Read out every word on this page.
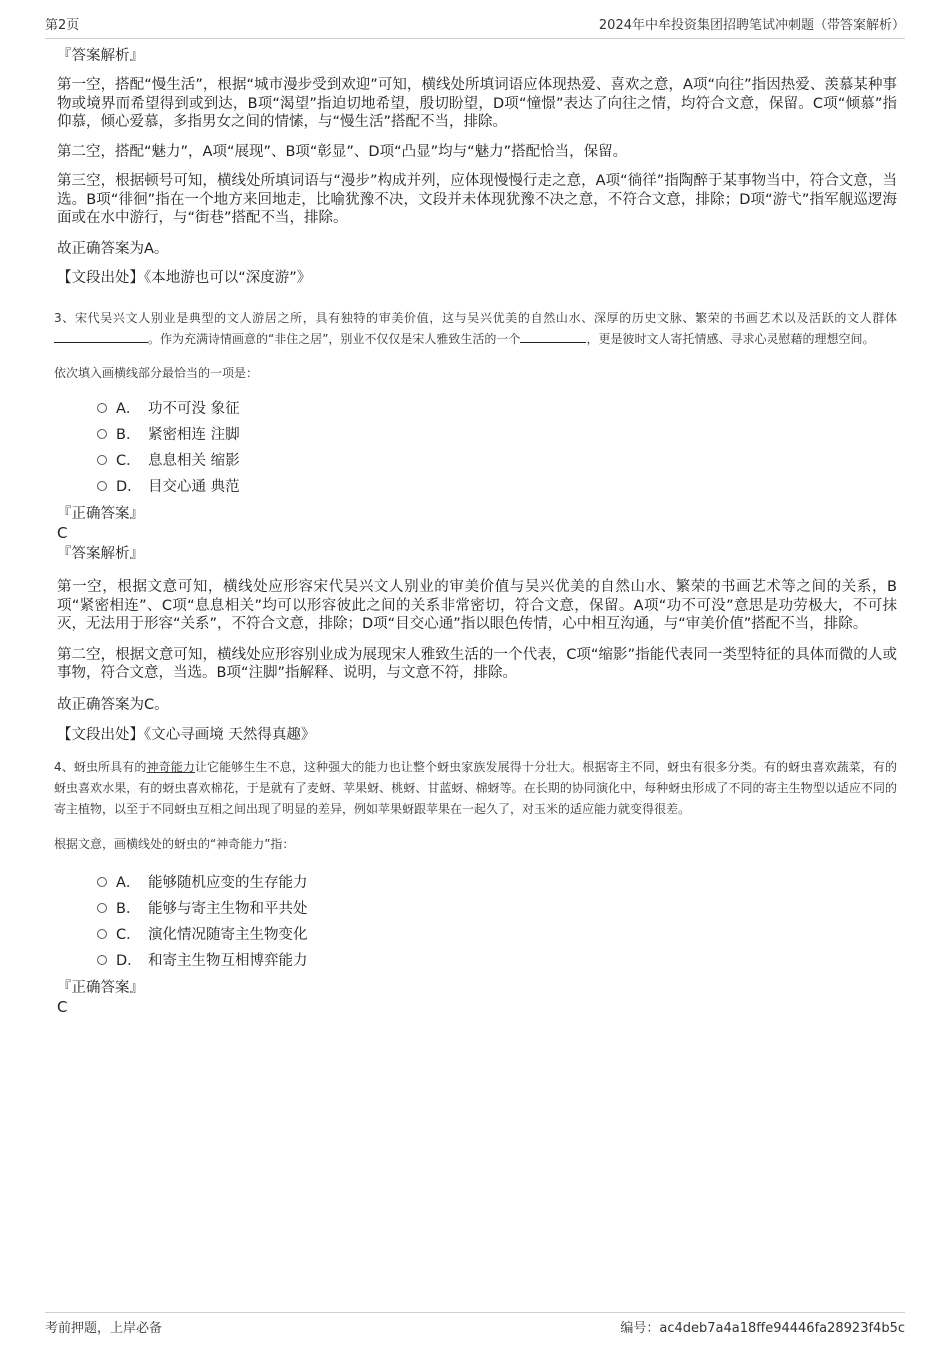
第2页	2024年中牟投资集团招聘笔试冲刺题（带答案解析）
『答案解析』
第一空，搭配“慢生活”，根据“城市漫步受到欢迎”可知，横线处所填词语应体现热爱、喜欢之意，A项“向往”指因热爱、羡慕某种事物或境界而希望得到或到达，B项“渴望”指迫切地希望，殷切盼望，D项“憧憬”表达了向往之情，均符合文意，保留。C项“倾慕”指仰慕，倾心爱慕，多指男女之间的情愫，与“慢生活”搭配不当，排除。
第二空，搭配“魅力”，A项“展现”、B项“彰显”、D项“凸显”均与“魅力”搭配恰当，保留。
第三空，根据顿号可知，横线处所填词语与“漫步”构成并列，应体现慢慢行走之意，A项“徜徉”指陶醉于某事物当中，符合文意，当选。B项“徘徊”指在一个地方来回地走，比喻犹豫不决，文段并未体现犹豫不决之意，不符合文意，排除；D项“游弋”指军舰巡逻海面或在水中游行，与“街巷”搭配不当，排除。
故正确答案为A。
【文段出处】《本地游也可以“深度游”》
3、宋代吴兴文人别业是典型的文人游居之所，具有独特的审美价值，这与吴兴优美的自然山水、深厚的历史文脉、繁荣的书画艺术以及活跃的文人群体。作为充满诗情画意的“非住之居”，别业不仅仅是宋人雅致生活的一个	，更是彼时文人寄托情感、寻求心灵慰藉的理想空间。
依次填入画横线部分最恰当的一项是：
A． 功不可没 象征
B． 紧密相连 注脚
C． 息息相关 缩影
D． 目交心通 典范
『正确答案』
C
『答案解析』
第一空，根据文意可知，横线处应形容宋代吴兴文人别业的审美价值与吴兴优美的自然山水、繁荣的书画艺术等之间的关系，B项“紧密相连”、C项“息息相关”均可以形容彼此之间的关系非常密切，符合文意，保留。A项“功不可没”意思是功劳极大，不可抹灭，无法用于形容“关系”，不符合文意，排除；D项“目交心通”指以眼色传情，心中相互沟通，与“审美价值”搭配不当，排除。
第二空，根据文意可知，横线处应形容别业成为展现宋人雅致生活的一个代表，C项“缩影”指能代表同一类型特征的具体而微的人或事物，符合文意，当选。B项“注脚”指解释、说明，与文意不符，排除。
故正确答案为C。
【文段出处】《文心寻画境 天然得真趣》
4、蚜虫所具有的神奇能力让它能够生生不息，这种强大的能力也让整个蚜虫家族发展得十分壮大。根据寄主不同，蚜虫有很多分类。有的蚜虫喜欢蔬菜，有的蚜虫喜欢水果，有的蚜虫喜欢棉花，于是就有了麦蚜、苹果蚜、桃蚜、甘蓝蚜、棉蚜等。在长期的协同演化中，每种蚜虫形成了不同的寄主生物型以适应不同的寄主植物，以至于不同蚜虫互相之间出现了明显的差异，例如苹果蚜跟苹果在一起久了，对玉米的适应能力就变得很差。
根据文意，画横线处的蚜虫的“神奇能力”指：
A． 能够随机应变的生存能力
B． 能够与寄主生物和平共处
C． 演化情况随寄主生物变化
D． 和寄主生物互相博弈能力
『正确答案』
C
考前押题，上岸必备	编号：ac4deb7a4a18ffe94446fa28923f4b5c
